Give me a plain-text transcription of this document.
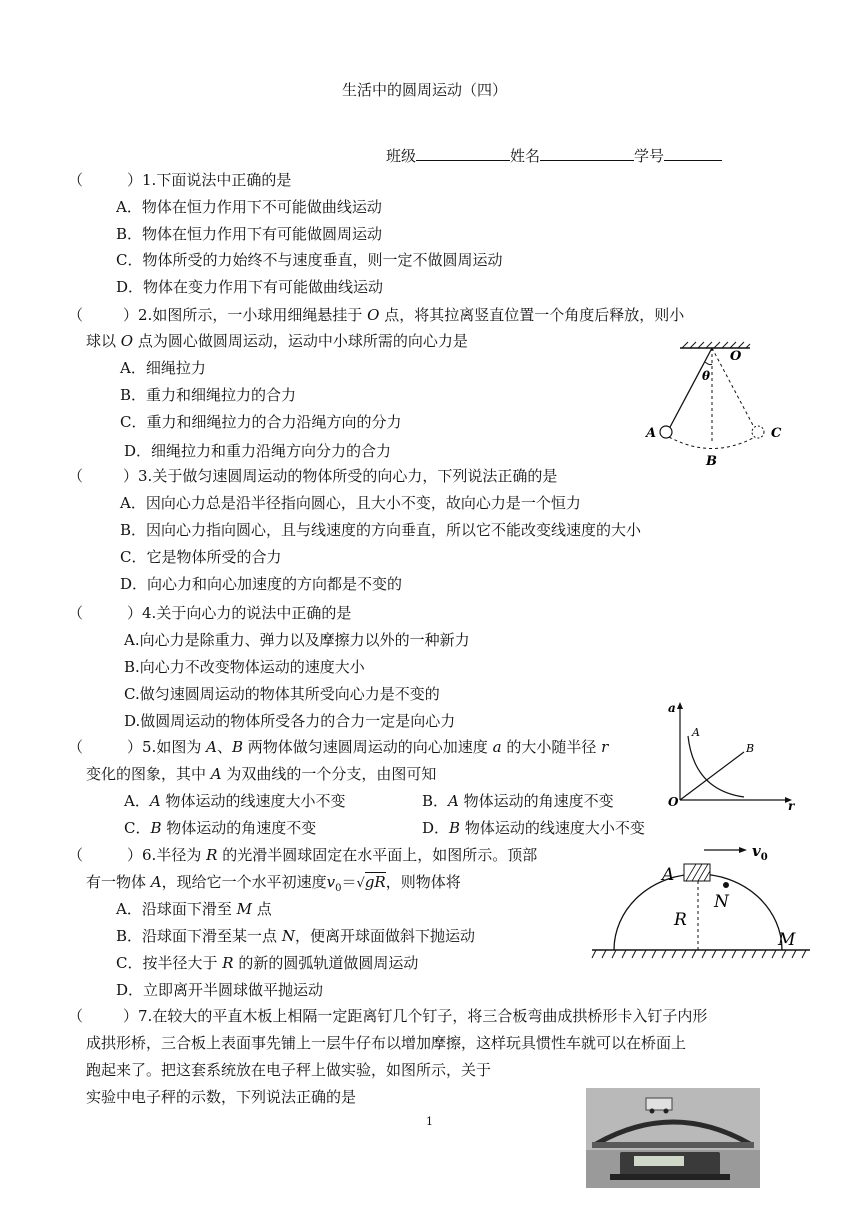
生活中的圆周运动（四）
班级	姓名	学号
（	）1.下面说法中正确的是
A．物体在恒力作用下不可能做曲线运动
B．物体在恒力作用下有可能做圆周运动
C．物体所受的力始终不与速度垂直，则一定不做圆周运动
D．物体在变力作用下有可能做曲线运动
（	）2.如图所示，一小球用细绳悬挂于 O 点，将其拉离竖直位置一个角度后释放，则小
球以 O 点为圆心做圆周运动，运动中小球所需的向心力是
A．细绳拉力
B．重力和细绳拉力的合力
C．重力和细绳拉力的合力沿绳方向的分力
D．细绳拉力和重力沿绳方向分力的合力
O
θ
A
B
C
（	）3.关于做匀速圆周运动的物体所受的向心力，下列说法正确的是
A．因向心力总是沿半径指向圆心，且大小不变，故向心力是一个恒力
B．因向心力指向圆心，且与线速度的方向垂直，所以它不能改变线速度的大小
C．它是物体所受的合力
D．向心力和向心加速度的方向都是不变的
（	）4.关于向心力的说法中正确的是
A.向心力是除重力、弹力以及摩擦力以外的一种新力
B.向心力不改变物体运动的速度大小
C.做匀速圆周运动的物体其所受向心力是不变的
D.做圆周运动的物体所受各力的合力一定是向心力
（	）5.如图为 A、B 两物体做匀速圆周运动的向心加速度 a 的大小随半径 r
变化的图象，其中 A 为双曲线的一个分支，由图可知
A．A 物体运动的线速度大小不变	B．A 物体运动的角速度不变
C．B 物体运动的角速度不变	D．B 物体运动的线速度大小不变
a
r
O
A
B
（	）6.半径为 R 的光滑半圆球固定在水平面上，如图所示。顶部
有一物体 A，现给它一个水平初速度$v_0=√gR$，则物体将
A．沿球面下滑至 M 点
B．沿球面下滑至某一点 N，便离开球面做斜下抛运动
C．按半径大于 R 的新的圆弧轨道做圆周运动
D．立即离开半圆球做平抛运动
A
$v_0$
N
R
M
（	）7.在较大的平直木板上相隔一定距离钉几个钉子，将三合板弯曲成拱桥形卡入钉子内形
成拱形桥，三合板上表面事先铺上一层牛仔布以增加摩擦，这样玩具惯性车就可以在桥面上
跑起来了。把这套系统放在电子秤上做实验，如图所示，关于
实验中电子秤的示数，下列说法正确的是
1
